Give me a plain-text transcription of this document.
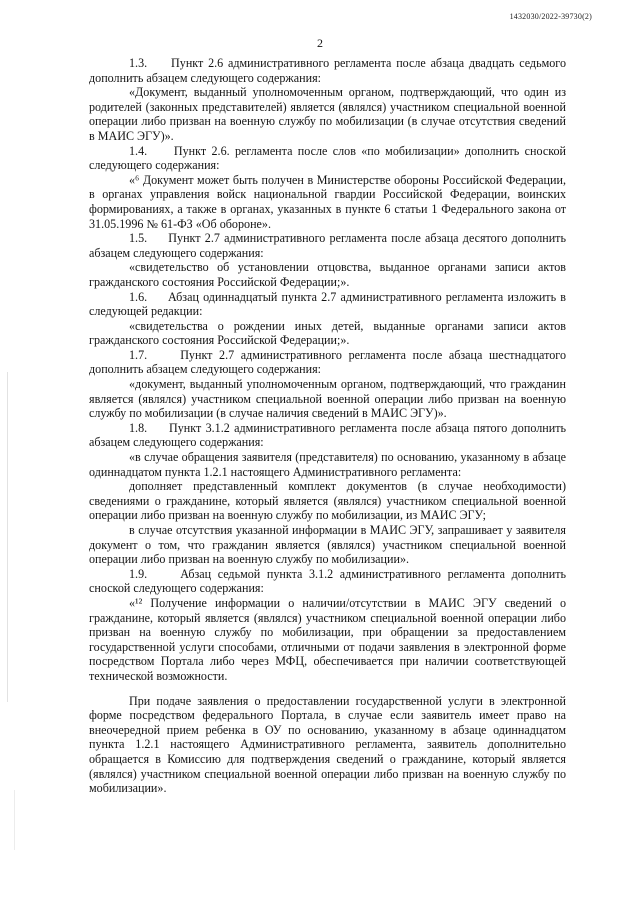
1432030/2022-39730(2)
2

1.3.     Пункт 2.6 административного регламента после абзаца двадцать седьмого дополнить абзацем следующего содержания:

«Документ, выданный уполномоченным органом, подтверждающий, что один из родителей (законных представителей) является (являлся) участником специальной военной операции либо призван на военную службу по мобилизации (в случае отсутствия сведений в МАИС ЭГУ)».

1.4.     Пункт 2.6. регламента после слов «по мобилизации» дополнить сноской следующего содержания:

«⁶ Документ может быть получен в Министерстве обороны Российской Федерации, в органах управления войск национальной гвардии Российской Федерации, воинских формированиях, а также в органах, указанных в пункте 6 статьи 1 Федерального закона от 31.05.1996 № 61-ФЗ «Об обороне».

1.5.     Пункт 2.7 административного регламента после абзаца десятого дополнить абзацем следующего содержания:

«свидетельство об установлении отцовства, выданное органами записи актов гражданского состояния Российской Федерации;».

1.6.     Абзац одиннадцатый пункта 2.7 административного регламента изложить в следующей редакции:

«свидетельства о рождении иных детей, выданные органами записи актов гражданского состояния Российской Федерации;».

1.7.     Пункт 2.7 административного регламента после абзаца шестнадцатого дополнить абзацем следующего содержания:

«документ, выданный уполномоченным органом, подтверждающий, что гражданин является (являлся) участником специальной военной операции либо призван на военную службу по мобилизации (в случае наличия сведений в МАИС ЭГУ)».

1.8.     Пункт 3.1.2 административного регламента после абзаца пятого дополнить абзацем следующего содержания:

«в случае обращения заявителя (представителя) по основанию, указанному в абзаце одиннадцатом пункта 1.2.1 настоящего Административного регламента:

дополняет представленный комплект документов (в случае необходимости) сведениями о гражданине, который является (являлся) участником специальной военной операции либо призван на военную службу по мобилизации, из МАИС ЭГУ;

в случае отсутствия указанной информации в МАИС ЭГУ, запрашивает у заявителя документ о том, что гражданин является (являлся) участником специальной военной операции либо призван на военную службу по мобилизации».

1.9.     Абзац седьмой пункта 3.1.2 административного регламента дополнить сноской следующего содержания:

«¹² Получение информации о наличии/отсутствии в МАИС ЭГУ сведений о гражданине, который является (являлся) участником специальной военной операции либо призван на военную службу по мобилизации, при обращении за предоставлением государственной услуги способами, отличными от подачи заявления в электронной форме посредством Портала либо через МФЦ, обеспечивается при наличии соответствующей технической возможности.

При подаче заявления о предоставлении государственной услуги в электронной форме посредством федерального Портала, в случае если заявитель имеет право на внеочередной прием ребенка в ОУ по основанию, указанному в абзаце одиннадцатом пункта 1.2.1 настоящего Административного регламента, заявитель дополнительно обращается в Комиссию для подтверждения сведений о гражданине, который является (являлся) участником специальной военной операции либо призван на военную службу по мобилизации».
